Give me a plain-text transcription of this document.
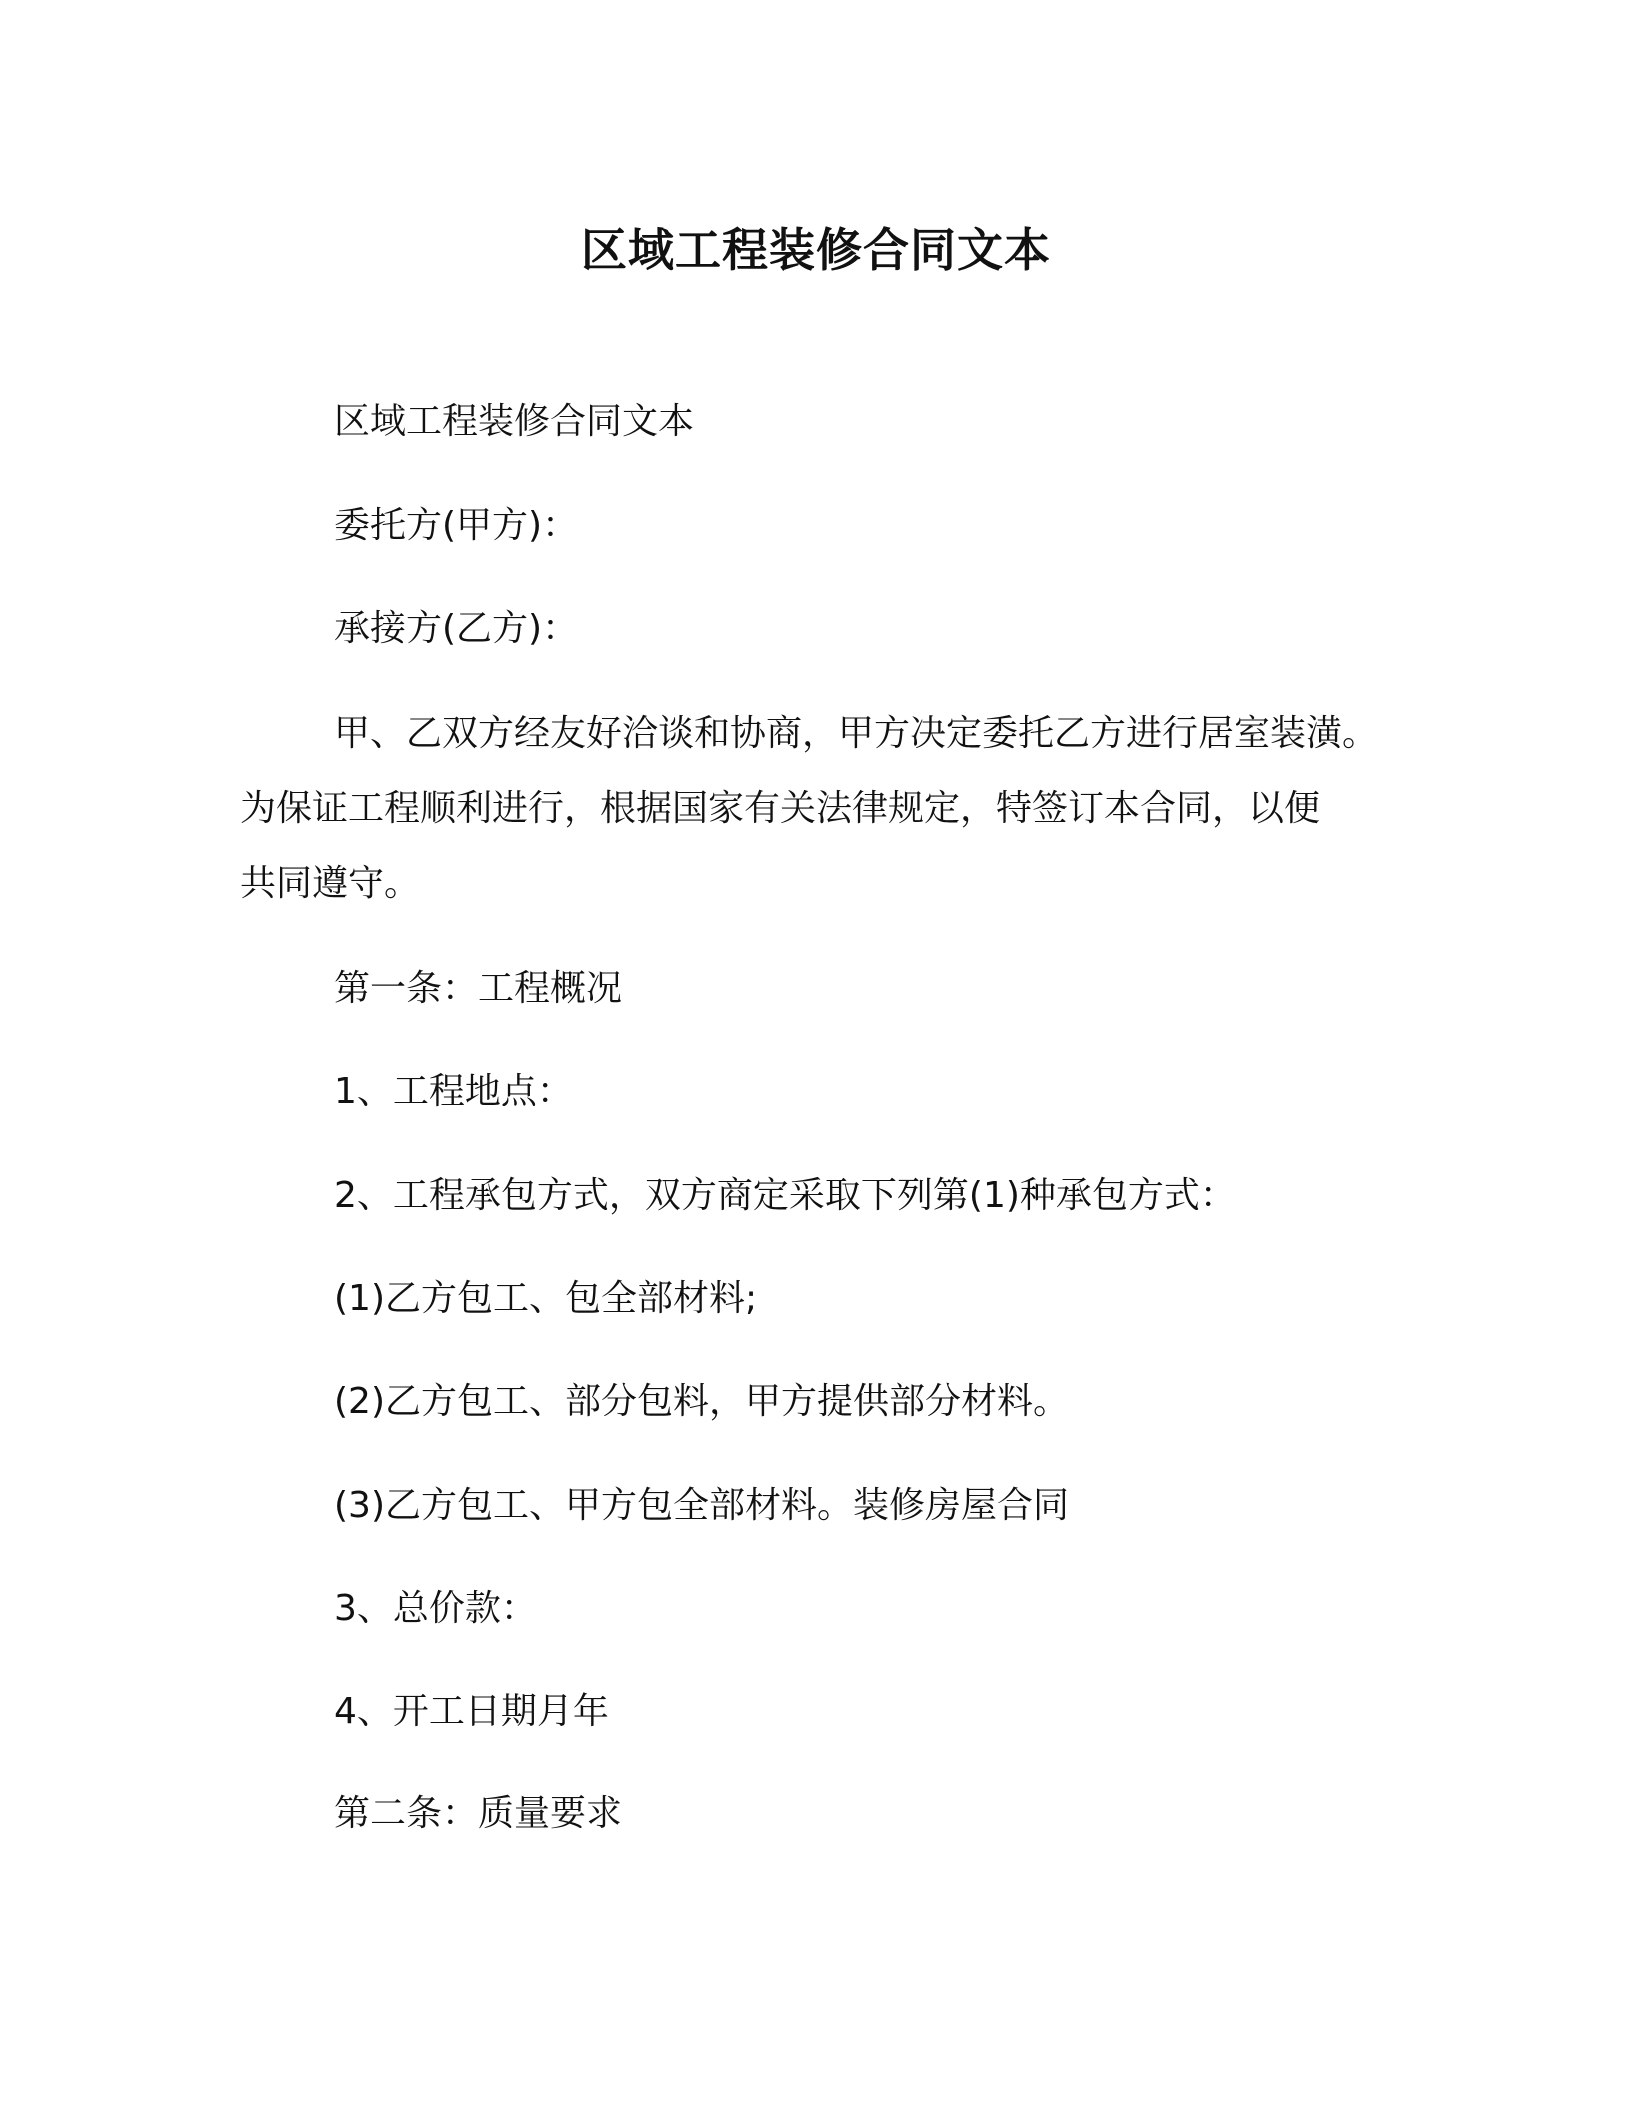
区域工程装修合同文本
区域工程装修合同文本
委托方(甲方)：
承接方(乙方)：
甲、乙双方经友好洽谈和协商，甲方决定委托乙方进行居室装潢。
为保证工程顺利进行，根据国家有关法律规定，特签订本合同，以便
共同遵守。
第一条：工程概况
1、工程地点：
2、工程承包方式，双方商定采取下列第(1)种承包方式：
(1)乙方包工、包全部材料;
(2)乙方包工、部分包料，甲方提供部分材料。
(3)乙方包工、甲方包全部材料。装修房屋合同
3、总价款：
4、开工日期月年
第二条：质量要求
